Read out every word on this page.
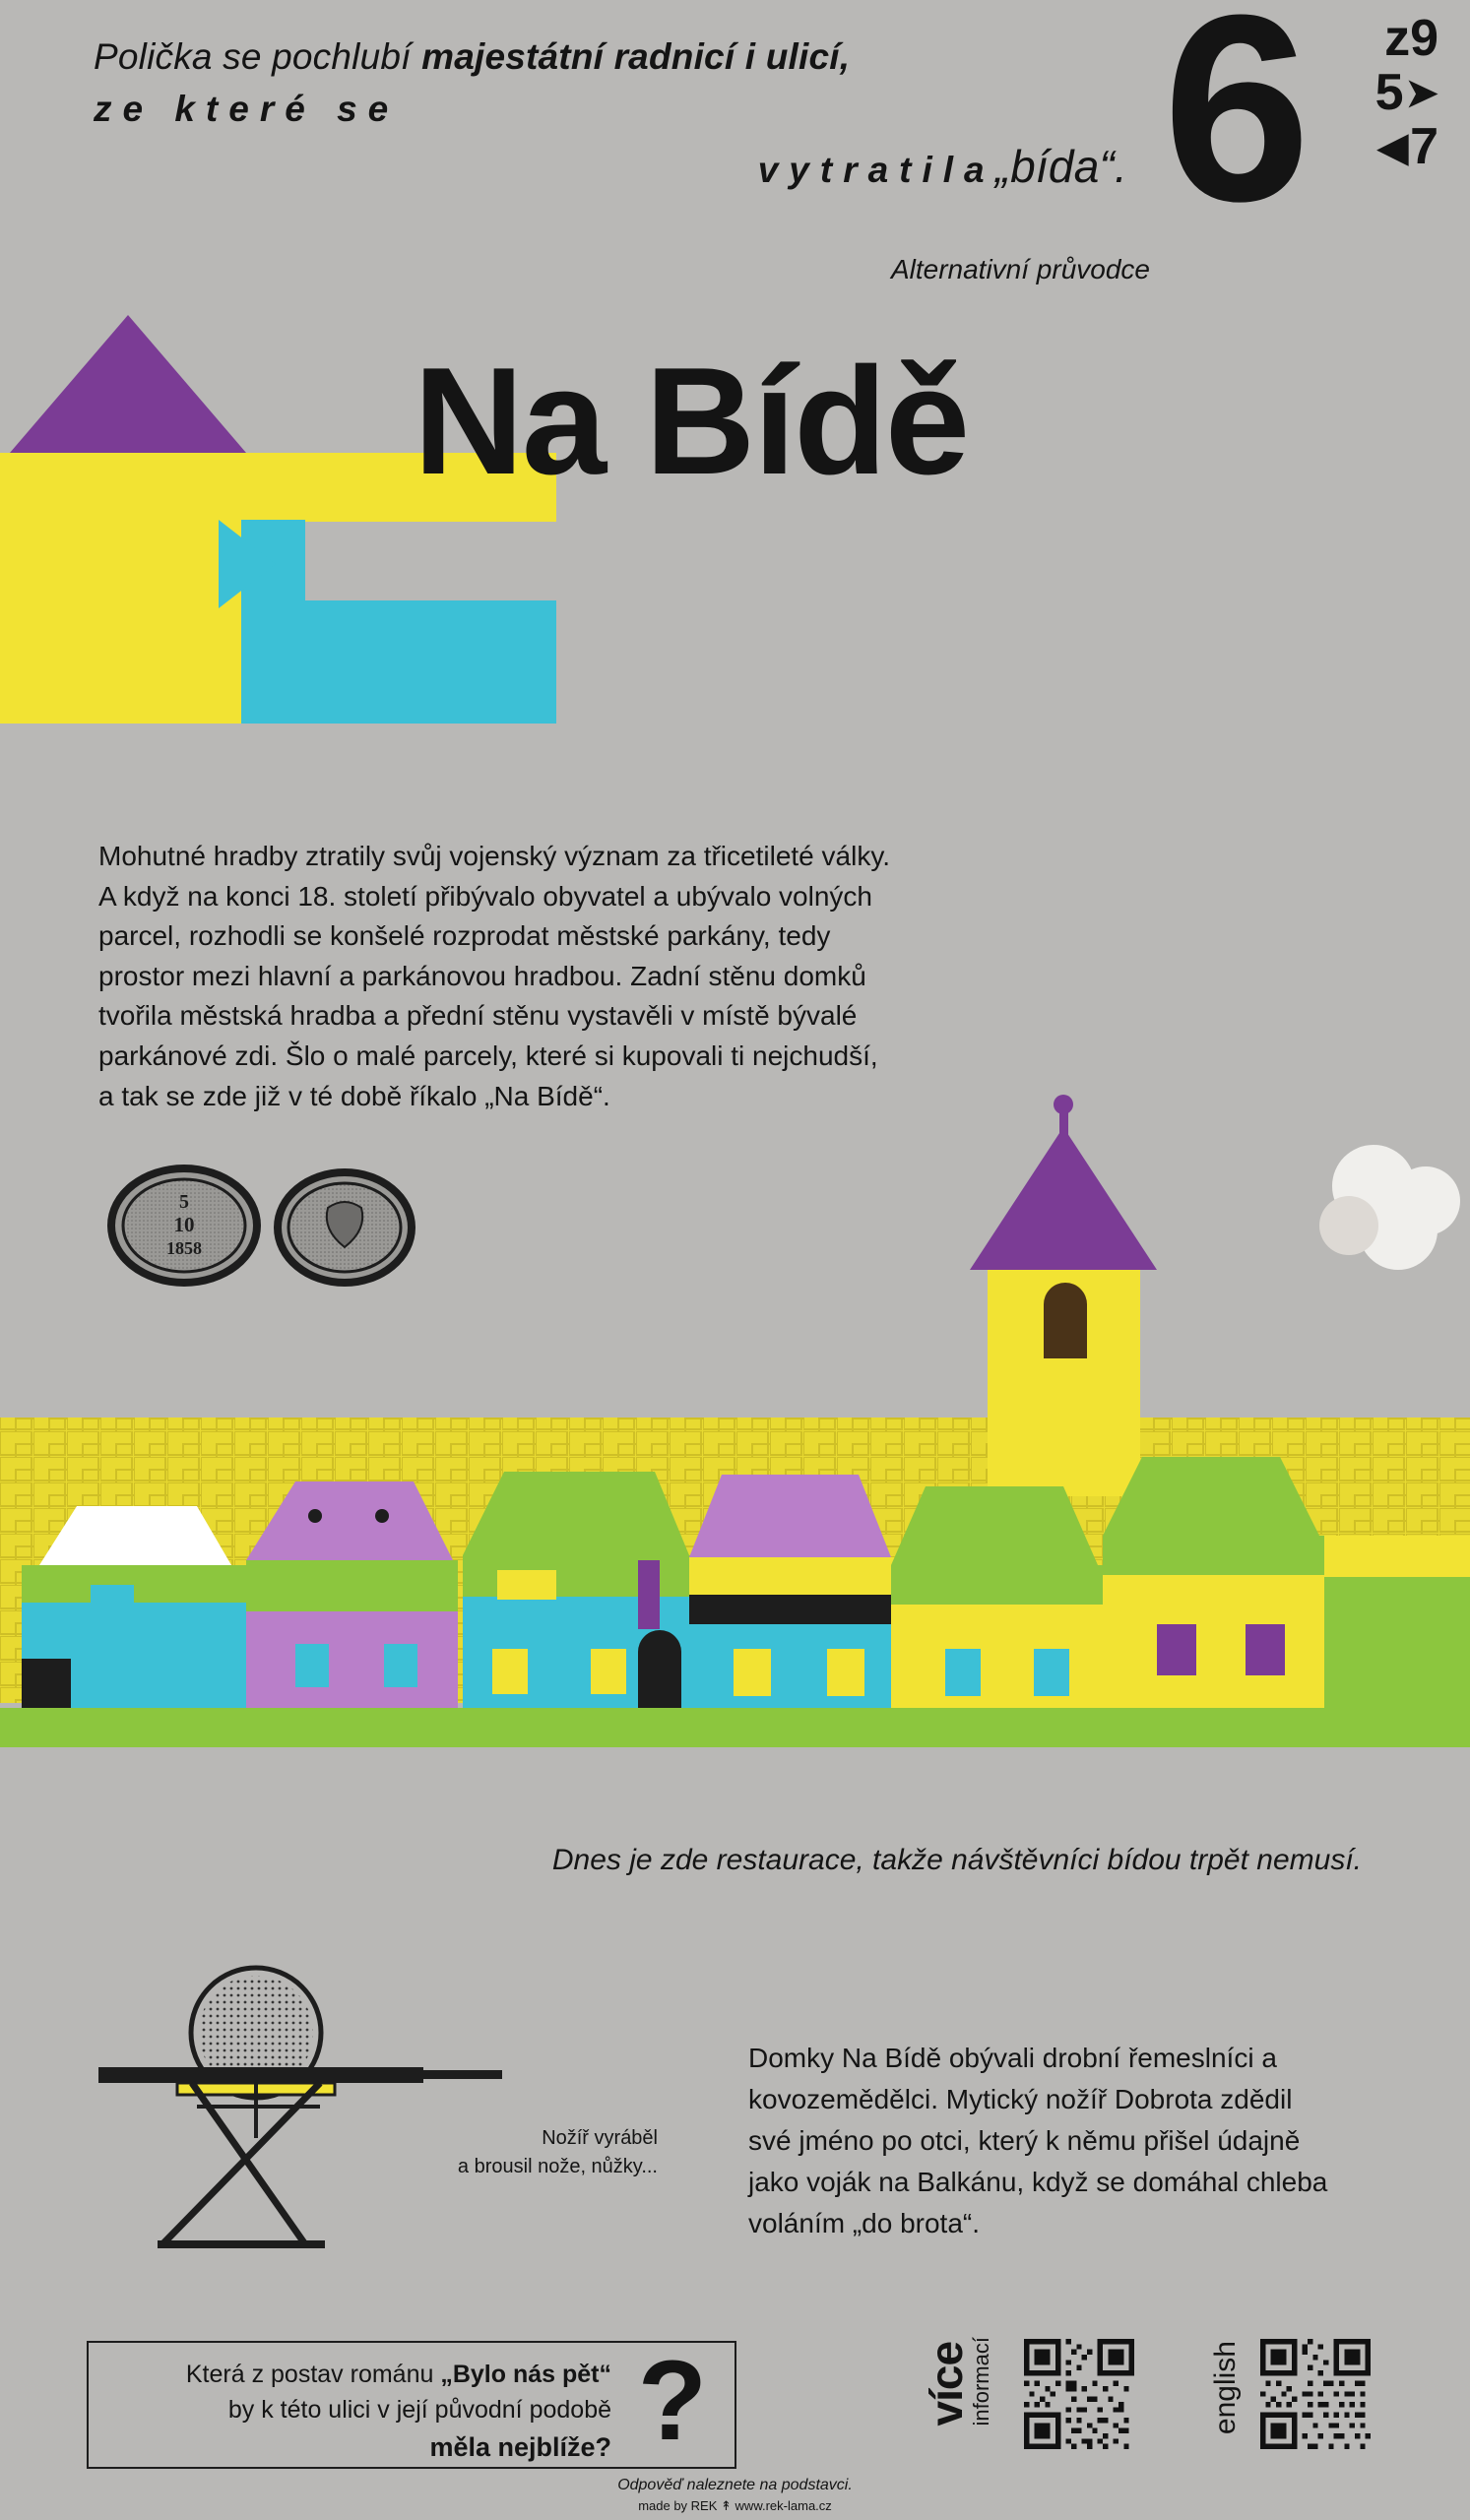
Polička se pochlubí majestátní radnicí i ulicí,
ze které se
vytratila„bída“.
Alternativní průvodce
6 z9
5 ➤
◀ 7
Na Bídě
Mohutné hradby ztratily svůj vojenský význam za třicetileté války. A když na konci 18. století přibývalo obyvatel a ubývalo volných parcel, rozhodli se konšelé rozprodat městské parkány, tedy prostor mezi hlavní a parkánovou hradbou. Zadní stěnu domků tvořila městská hradba a přední stěnu vystavěli v místě bývalé parkánové zdi. Šlo o malé parcely, které si kupovali ti nejchudší, a tak se zde již v té době říkalo „Na Bídě“.
5
10
1858
Dnes je zde restaurace, takže návštěvníci bídou trpět nemusí.
Nožíř vyráběl
a brousil nože, nůžky...
Domky Na Bídě obývali drobní řemeslníci a kovozemědělci. Mytický nožíř Dobrota zdědil své jméno po otci, který k němu přišel údajně jako voják na Balkánu, když se domáhal chleba voláním „do brota“.
Která z postav románu „Bylo nás pět“
by k této ulici v její původní podobě
měla nejblíže? ?
Odpověď naleznete na podstavci.
více
informací	english
made by REK ↟ www.rek-lama.cz
